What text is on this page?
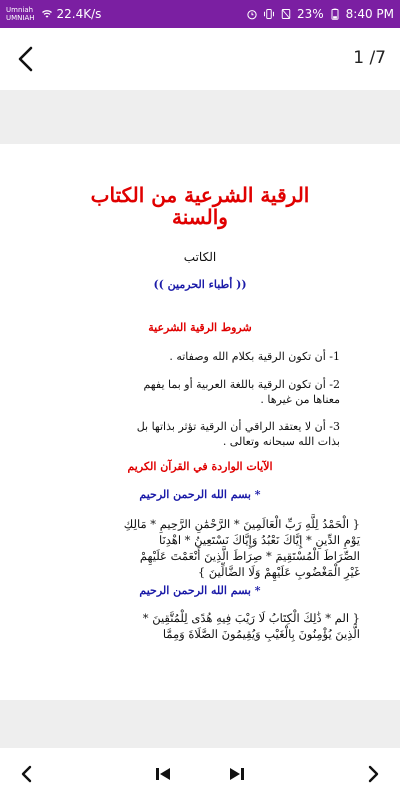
Umniah
UMNIAH 22.4K/s	23% 8:40 PM
1 /7
الرقية الشرعية من الكتاب
والسنة
الكاتب
(( أطباء الحرمين ))
شروط الرقية الشرعية
1- أن تكون الرقية بكلام الله وصفاته .
2- أن تكون الرقية باللغة العربية أو بما يفهم
معناها من غيرها .
3- أن لا يعتقد الراقي أن الرقية تؤثر بذاتها بل
بذات الله سبحانه وتعالى .
الآيات الواردة في القرآن الكريم
* بسم الله الرحمن الرحيم
{ الْحَمْدُ لِلَّهِ رَبِّ الْعَالَمِينَ * الرَّحْمَٰنِ الرَّحِيمِ * مَالِكِ
يَوْمِ الدِّينِ * إِيَّاكَ نَعْبُدُ وَإِيَّاكَ نَسْتَعِينُ * اهْدِنَا
الصِّرَاطَ الْمُسْتَقِيمَ * صِرَاطَ الَّذِينَ أَنْعَمْتَ عَلَيْهِمْ
غَيْرِ الْمَغْضُوبِ عَلَيْهِمْ وَلَا الضَّالِّينَ }
* بسم الله الرحمن الرحيم
{ الم * ذَٰلِكَ الْكِتَابُ لَا رَيْبَ فِيهِ هُدًى لِلْمُتَّقِينَ *
الَّذِينَ يُؤْمِنُونَ بِالْغَيْبِ وَيُقِيمُونَ الصَّلَاةَ وَمِمَّا
